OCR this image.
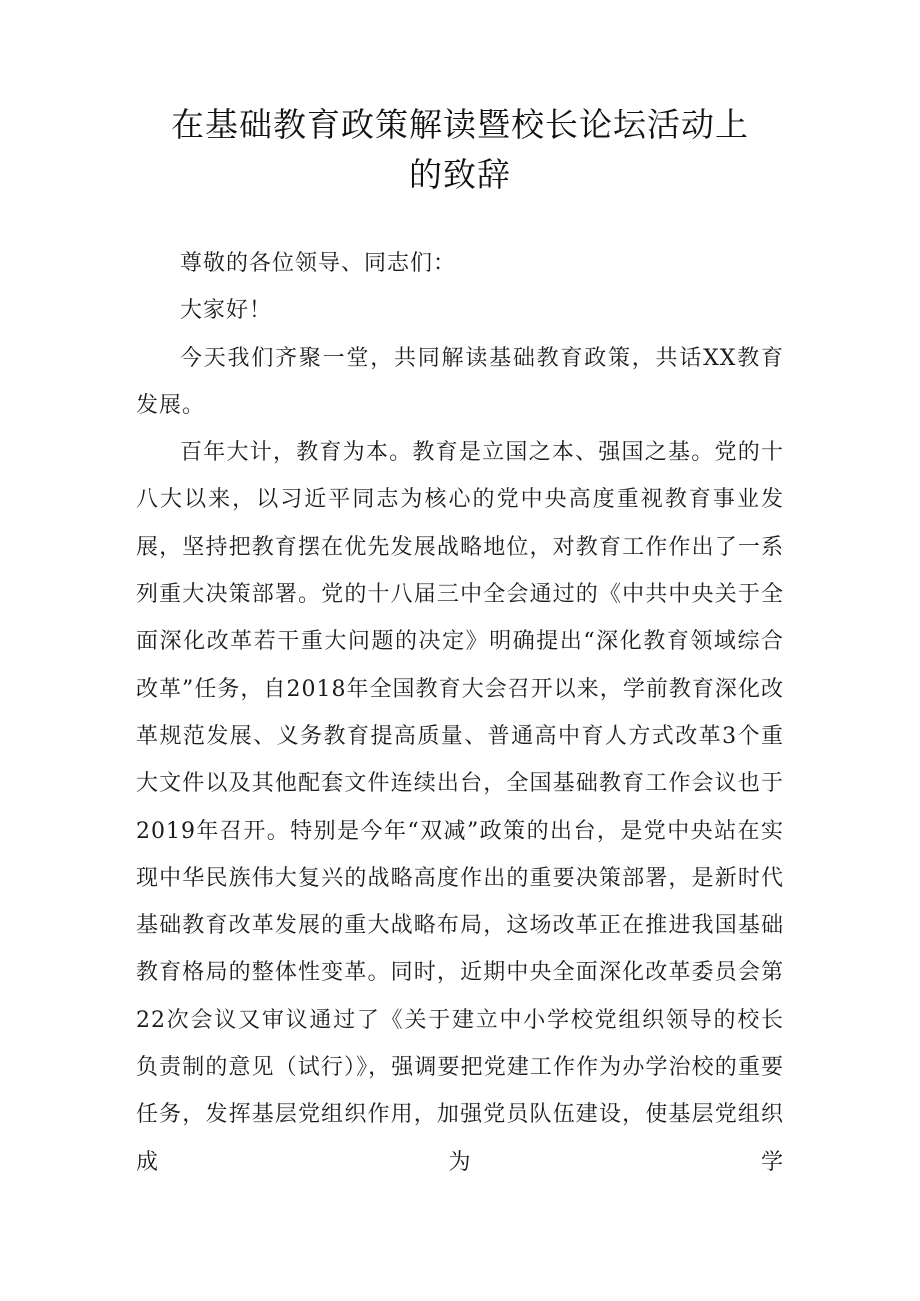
在基础教育政策解读暨校长论坛活动上
的致辞

尊敬的各位领导、同志们：

大家好！

今天我们齐聚一堂，共同解读基础教育政策，共话XX教育发展。

百年大计，教育为本。教育是立国之本、强国之基。党的十八大以来，以习近平同志为核心的党中央高度重视教育事业发展，坚持把教育摆在优先发展战略地位，对教育工作作出了一系列重大决策部署。党的十八届三中全会通过的《中共中央关于全面深化改革若干重大问题的决定》明确提出“深化教育领域综合改革”任务，自2018年全国教育大会召开以来，学前教育深化改革规范发展、义务教育提高质量、普通高中育人方式改革3个重大文件以及其他配套文件连续出台，全国基础教育工作会议也于2019年召开。特别是今年“双减”政策的出台，是党中央站在实现中华民族伟大复兴的战略高度作出的重要决策部署，是新时代基础教育改革发展的重大战略布局，这场改革正在推进我国基础教育格局的整体性变革。同时，近期中央全面深化改革委员会第22次会议又审议通过了《关于建立中小学校党组织领导的校长负责制的意见（试行）》，强调要把党建工作作为办学治校的重要任务，发挥基层党组织作用，加强党员队伍建设，使基层党组织成为学
